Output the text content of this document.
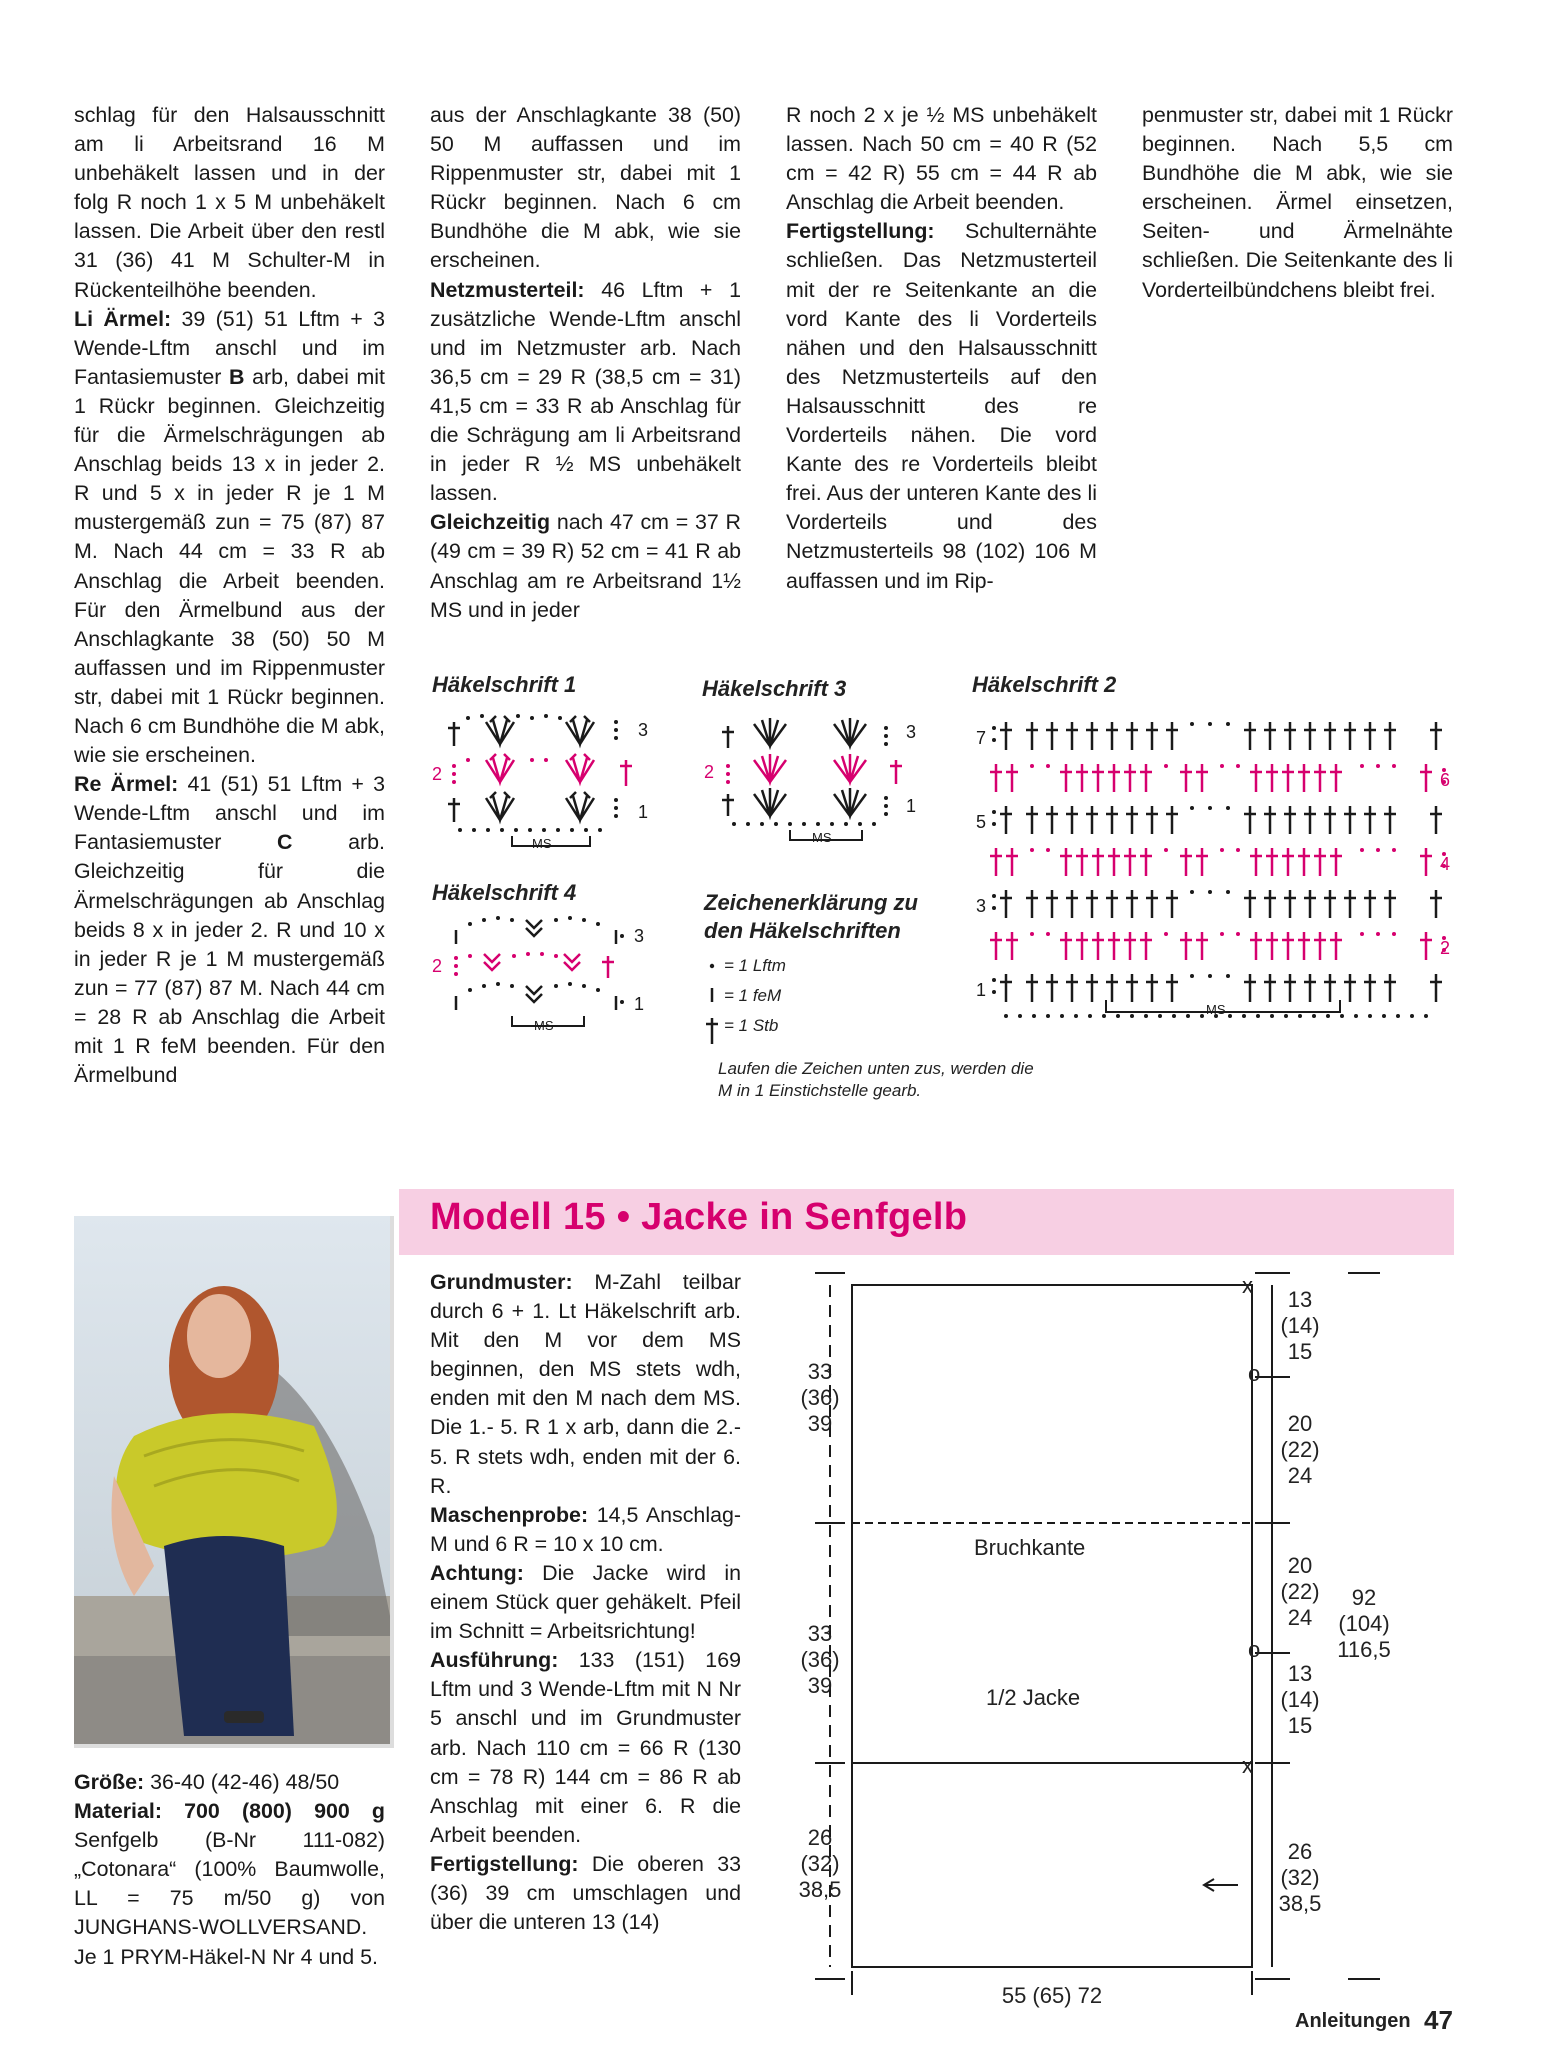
schlag für den Halsausschnitt am li Arbeitsrand 16 M unbehäkelt lassen und in der folg R noch 1 x 5 M unbehäkelt lassen. Die Arbeit über den restl 31 (36) 41 M Schulter-M in Rückenteilhöhe beenden.

Li Ärmel: 39 (51) 51 Lftm + 3 Wende-Lftm anschl und im Fantasiemuster B arb, dabei mit 1 Rückr beginnen. Gleichzeitig für die Ärmelschrägungen ab Anschlag beids 13 x in jeder 2. R und 5 x in jeder R je 1 M mustergemäß zun = 75 (87) 87 M. Nach 44 cm = 33 R ab Anschlag die Arbeit beenden. Für den Ärmelbund aus der Anschlagkante 38 (50) 50 M auffassen und im Rippenmuster str, dabei mit 1 Rückr beginnen. Nach 6 cm Bundhöhe die M abk, wie sie erscheinen.

Re Ärmel: 41 (51) 51 Lftm + 3 Wende-Lftm anschl und im Fantasiemuster C arb. Gleichzeitig für die Ärmelschrägungen ab Anschlag beids 8 x in jeder 2. R und 10 x in jeder R je 1 M mustergemäß zun = 77 (87) 87 M. Nach 44 cm = 28 R ab Anschlag die Arbeit mit 1 R feM beenden. Für den Ärmelbund

aus der Anschlagkante 38 (50) 50 M auffassen und im Rippenmuster str, dabei mit 1 Rückr beginnen. Nach 6 cm Bundhöhe die M abk, wie sie erscheinen.

Netzmusterteil: 46 Lftm + 1 zusätzliche Wende-Lftm anschl und im Netzmuster arb. Nach 36,5 cm = 29 R (38,5 cm = 31) 41,5 cm = 33 R ab Anschlag für die Schrägung am li Arbeitsrand in jeder R ½ MS unbehäkelt lassen.

Gleichzeitig nach 47 cm = 37 R (49 cm = 39 R) 52 cm = 41 R ab Anschlag am re Arbeitsrand 1½ MS und in jeder

R noch 2 x je ½ MS unbehäkelt lassen. Nach 50 cm = 40 R (52 cm = 42 R) 55 cm = 44 R ab Anschlag die Arbeit beenden.

Fertigstellung: Schulternähte schließen. Das Netzmusterteil mit der re Seitenkante an die vord Kante des li Vorderteils nähen und den Halsausschnitt des Netzmusterteils auf den Halsausschnitt des re Vorderteils nähen. Die vord Kante des re Vorderteils bleibt frei. Aus der unteren Kante des li Vorderteils und des Netzmusterteils 98 (102) 106 M auffassen und im Rip-

penmuster str, dabei mit 1 Rückr beginnen. Nach 5,5 cm Bundhöhe die M abk, wie sie erscheinen. Ärmel einsetzen, Seiten- und Ärmelnähte schließen. Die Seitenkante des li Vorderteilbündchens bleibt frei.

Häkelschrift 1	Häkelschrift 3	Häkelschrift 2
Häkelschrift 4
MS
3
2
1
MS
3
2
1
MS
3
2
1
Zeichenerklärung zu
den Häkelschriften
= 1 Lftm
= 1 feM
= 1 Stb
Laufen die Zeichen unten zus, werden die
M in 1 Einstichstelle gearb.
MS
1
2
3
4
5
6
7
Modell 15 • Jacke in Senfgelb

Größe: 36-40 (42-46) 48/50

Material: 700 (800) 900 g Senfgelb (B-Nr 111-082) „Cotonara“ (100% Baumwolle, LL = 75 m/50 g) von JUNGHANS-WOLLVERSAND.

Je 1 PRYM-Häkel-N Nr 4 und 5.

Grundmuster: M-Zahl teilbar durch 6 + 1. Lt Häkelschrift arb. Mit den M vor dem MS beginnen, den MS stets wdh, enden mit den M nach dem MS. Die 1.- 5. R 1 x arb, dann die 2.- 5. R stets wdh, enden mit der 6. R.

Maschenprobe: 14,5 Anschlag-M und 6 R = 10 x 10 cm.

Achtung: Die Jacke wird in einem Stück quer gehäkelt. Pfeil im Schnitt = Arbeitsrichtung!

Ausführung: 133 (151) 169 Lftm und 3 Wende-Lftm mit N Nr 5 anschl und im Grundmuster arb. Nach 110 cm = 66 R (130 cm = 78 R) 144 cm = 86 R ab Anschlag mit einer 6. R die Arbeit beenden.

Fertigstellung: Die oberen 33 (36) 39 cm umschlagen und über die unteren 13 (14)

x
x
o
o
Bruchkante
1/2 Jacke
33
(36)
39
33
(36)
39
26
(32)
38,5
13
(14)
15
20
(22)
24
20
(22)
24
13
(14)
15
26
(32)
38,5
92
(104)
116,5
55 (65) 72
Anleitungen 47
